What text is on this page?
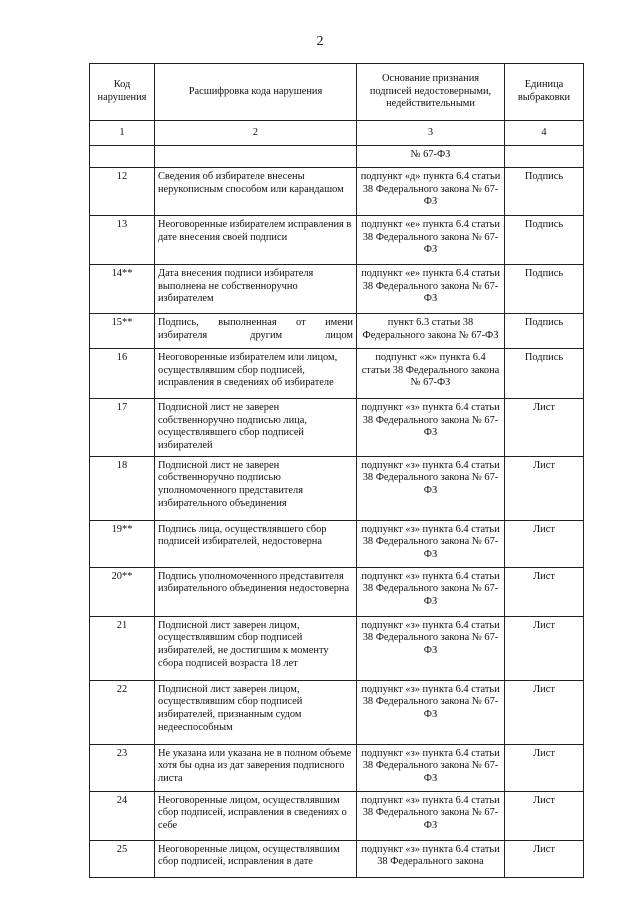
2
Код нарушения	Расшифровка кода нарушения	Основание признания подписей недостоверными, недействительными	Единица выбраковки
1	2	3	4
		№ 67-ФЗ	
12	Сведения об избирателе внесены нерукописным способом или карандашом	подпункт «д» пункта 6.4 статьи 38 Федерального закона № 67-ФЗ	Подпись
13	Неоговоренные избирателем исправления в дате внесения своей подписи	подпункт «е» пункта 6.4 статьи 38 Федерального закона № 67-ФЗ	Подпись
14**	Дата внесения подписи избирателя выполнена не собственноручно избирателем	подпункт «е» пункта 6.4 статьи 38 Федерального закона № 67-ФЗ	Подпись
15**	Подпись, выполненная от имени избирателя другим лицом	пункт 6.3 статьи 38 Федерального закона № 67-ФЗ	Подпись
16	Неоговоренные избирателем или лицом, осуществлявшим сбор подписей, исправления в сведениях об избирателе	подпункт «ж» пункта 6.4 статьи 38 Федерального закона № 67-ФЗ	Подпись
17	Подписной лист не заверен собственноручно подписью лица, осуществлявшего сбор подписей избирателей	подпункт «з» пункта 6.4 статьи 38 Федерального закона № 67-ФЗ	Лист
18	Подписной лист не заверен собственноручно подписью уполномоченного представителя избирательного объединения	подпункт «з» пункта 6.4 статьи 38 Федерального закона № 67-ФЗ	Лист
19**	Подпись лица, осуществлявшего сбор подписей избирателей, недостоверна	подпункт «з» пункта 6.4 статьи 38 Федерального закона № 67-ФЗ	Лист
20**	Подпись уполномоченного представителя избирательного объединения недостоверна	подпункт «з» пункта 6.4 статьи 38 Федерального закона № 67-ФЗ	Лист
21	Подписной лист заверен лицом, осуществлявшим сбор подписей избирателей, не достигшим к моменту сбора подписей возраста 18 лет	подпункт «з» пункта 6.4 статьи 38 Федерального закона № 67-ФЗ	Лист
22	Подписной лист заверен лицом, осуществлявшим сбор подписей избирателей, признанным судом недееспособным	подпункт «з» пункта 6.4 статьи 38 Федерального закона № 67-ФЗ	Лист
23	Не указана или указана не в полном объеме хотя бы одна из дат заверения подписного листа	подпункт «з» пункта 6.4 статьи 38 Федерального закона № 67-ФЗ	Лист
24	Неоговоренные лицом, осуществлявшим сбор подписей, исправления в сведениях о себе	подпункт «з» пункта 6.4 статьи 38 Федерального закона № 67-ФЗ	Лист
25	Неоговоренные лицом, осуществлявшим сбор подписей, исправления в дате	подпункт «з» пункта 6.4 статьи 38 Федерального закона	Лист
